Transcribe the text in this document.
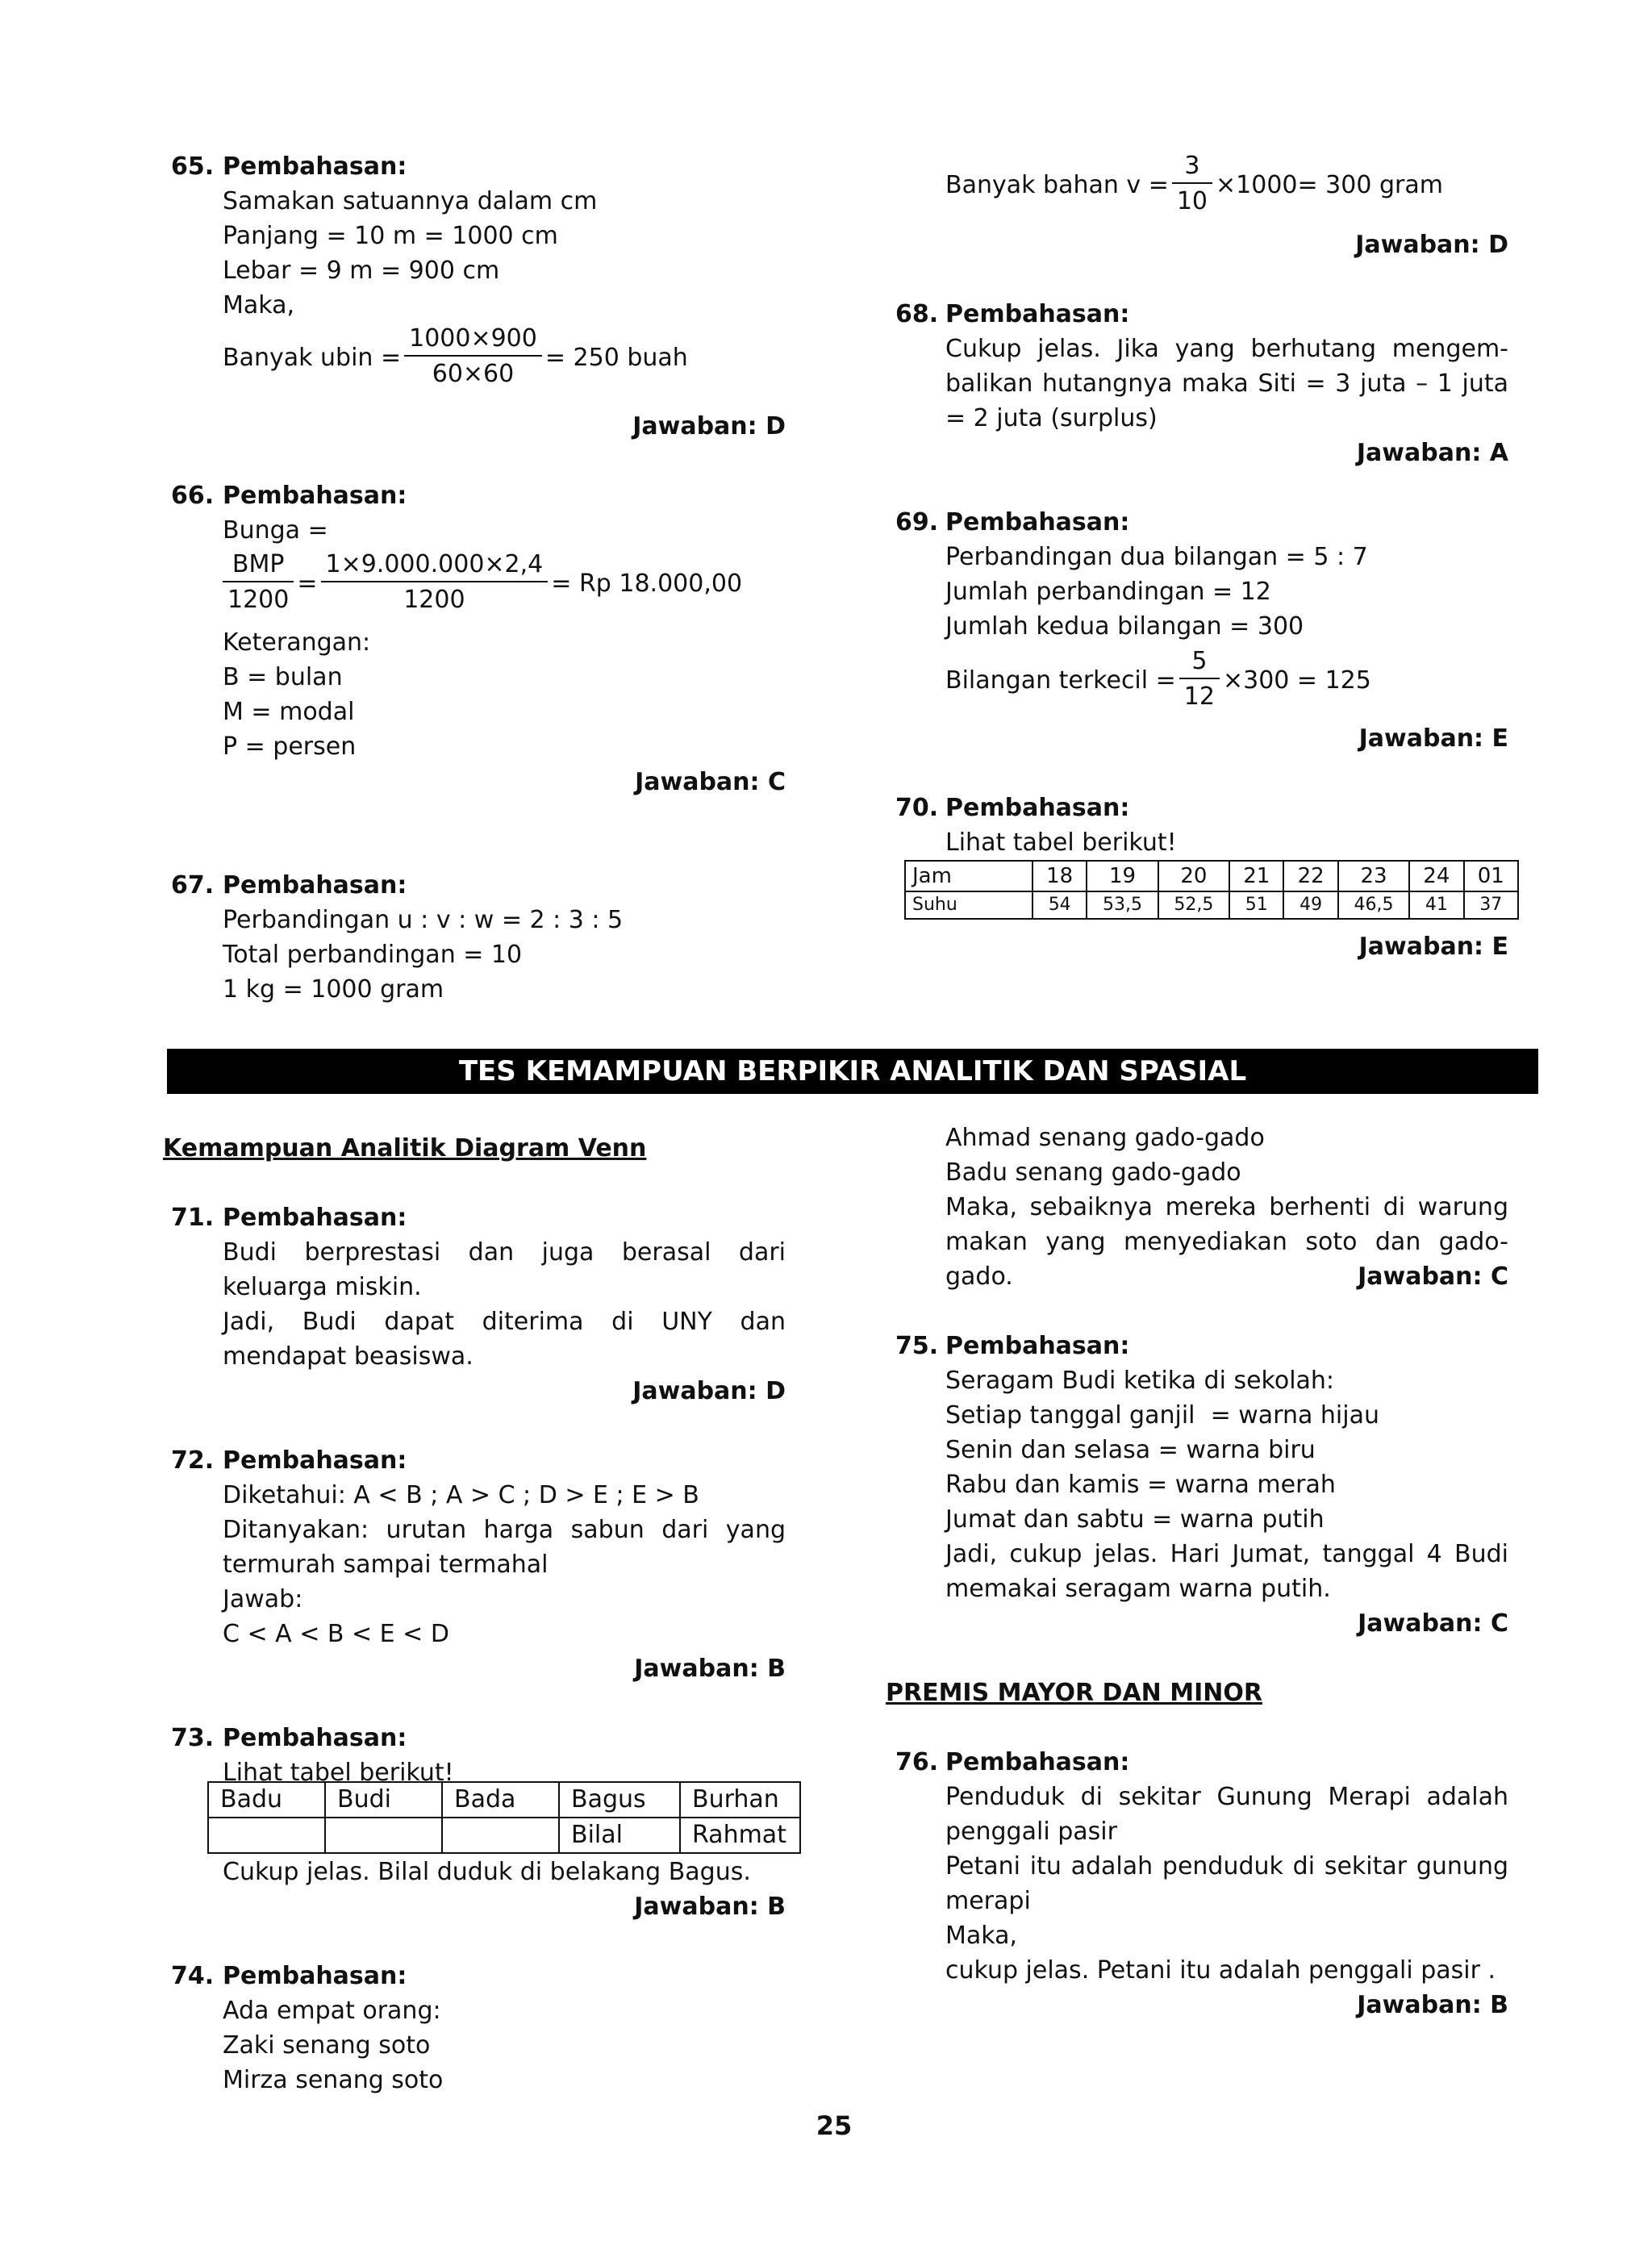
65. Pembahasan:
Samakan satuannya dalam cm
Panjang = 10 m = 1000 cm
Lebar = 9 m = 900 cm
Maka,
Banyak ubin = $\frac{1000\times 900}{60\times 60} = 250$ buah
Jawaban: D
66. Pembahasan:
Bunga =
$\frac{\text{BMP}}{1200} = \frac{1\times 9.000.000\times 2,4}{1200} = Rp$ 18.000,00
Keterangan:
B = bulan
M = modal
P = persen
Jawaban: C
67. Pembahasan:
Perbandingan u : v : w = 2 : 3 : 5
Total perbandingan = 10
1 kg = 1000 gram
Banyak bahan $v = \frac{3}{10} \times 1000= 300$ gram
Jawaban: D
68. Pembahasan:
Cukup jelas. Jika yang berhutang mengem-balikan hutangnya maka Siti = 3 juta – 1 juta = 2 juta (surplus)
Jawaban: A
69. Pembahasan:
Perbandingan dua bilangan = 5 : 7
Jumlah perbandingan = 12
Jumlah kedua bilangan = 300
Bilangan terkecil = $\frac{5}{12} \times 300 = 125$
Jawaban: E
70. Pembahasan:
Lihat tabel berikut!
Jam	18	19	20	21	22	23	24	01
Suhu	54	53,5	52,5	51	49	46,5	41	37
Jawaban: E
TES KEMAMPUAN BERPIKIR ANALITIK DAN SPASIAL
Kemampuan Analitik Diagram Venn
71. Pembahasan:
Budi berprestasi dan juga berasal dari keluarga miskin.
Jadi, Budi dapat diterima di UNY dan mendapat beasiswa.
Jawaban: D
72. Pembahasan:
Diketahui: A < B ; A > C ; D > E ; E > B
Ditanyakan: urutan harga sabun dari yang termurah sampai termahal
Jawab:
C < A < B < E < D
Jawaban: B
73. Pembahasan:
Lihat tabel berikut!
Badu	Budi	Bada	Bagus	Burhan
			Bilal	Rahmat
Cukup jelas. Bilal duduk di belakang Bagus.
Jawaban: B
74. Pembahasan:
Ada empat orang:
Zaki senang soto
Mirza senang soto
Ahmad senang gado-gado
Badu senang gado-gado
Maka, sebaiknya mereka berhenti di warung makan yang menyediakan soto dan gado-gado.	Jawaban: C
75. Pembahasan:
Seragam Budi ketika di sekolah:
Setiap tanggal ganjil  = warna hijau
Senin dan selasa = warna biru
Rabu dan kamis = warna merah
Jumat dan sabtu = warna putih
Jadi, cukup jelas. Hari Jumat, tanggal 4 Budi memakai seragam warna putih.
Jawaban: C
PREMIS MAYOR DAN MINOR
76. Pembahasan:
Penduduk di sekitar Gunung Merapi adalah penggali pasir
Petani itu adalah penduduk di sekitar gunung merapi
Maka,
cukup jelas. Petani itu adalah penggali pasir .
Jawaban: B
25
